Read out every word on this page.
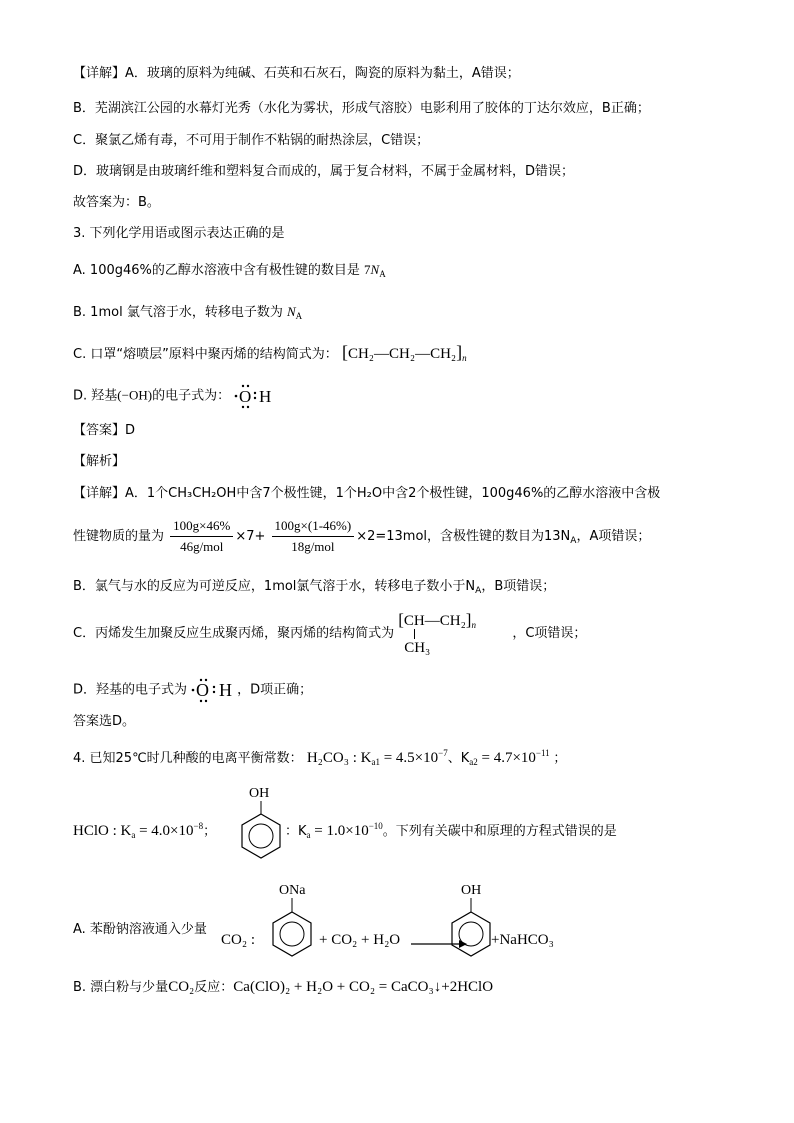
【详解】A．玻璃的原料为纯碱、石英和石灰石，陶瓷的原料为黏土，A错误；
B．芜湖滨江公园的水幕灯光秀（水化为雾状，形成气溶胶）电影利用了胶体的丁达尔效应，B正确；
C．聚氯乙烯有毒，不可用于制作不粘锅的耐热涂层，C错误；
D．玻璃钢是由玻璃纤维和塑料复合而成的，属于复合材料，不属于金属材料，D错误；
故答案为：B。
3. 下列化学用语或图示表达正确的是
A. 100g46%的乙醇水溶液中含有极性键的数目是 $7N_A$
B. 1mol 氯气溶于水，转移电子数为 $N_A$
C. 口罩“熔喷层”原料中聚丙烯的结构简式为： $[CH_2—CH_2—CH_2]_n$
D. 羟基(−OH)的电子式为： O H
【答案】D
【解析】
【详解】A．1个CH₃CH₂OH中含7个极性键，1个H₂O中含2个极性键，100g46%的乙醇水溶液中含极
性键物质的量为 $\frac{100g\times 46\%}{\text{46g/mol}} \times 7+ \frac{100g\times(1-46\%)}{\text{18g/mol}} \times 2=13mol$，含极性键的数目为$13N_A$，A项错误；
B．氯气与水的反应为可逆反应，1mol氯气溶于水，转移电子数小于$N_A$，B项错误；
C．丙烯发生加聚反应生成聚丙烯，聚丙烯的结构简式为
$[CH—CH_2]_n$
CH₃
，C项错误；
D．羟基的电子式为 O H ，D项正确；
答案选D。
4. 已知25℃时几种酸的电离平衡常数： H₂CO₃ : $K_{a1} = 4.5\times 10^{-7}$、$K_{a2} = 4.7\times 10^{-11}$ ；
HClO : $K_a = 4.0\times 10^{-8}$；
OH
：$K_a = 1.0\times 10^{-10}$。下列有关碳中和原理的方程式错误的是
A. 苯酚钠溶液通入少量
CO₂ :
ONa
+ CO₂ + H₂O →
OH
+NaHCO₃
B. 漂白粉与少量CO₂反应：Ca(ClO)₂ + H₂O + CO₂ = CaCO₃↓+2HClO
